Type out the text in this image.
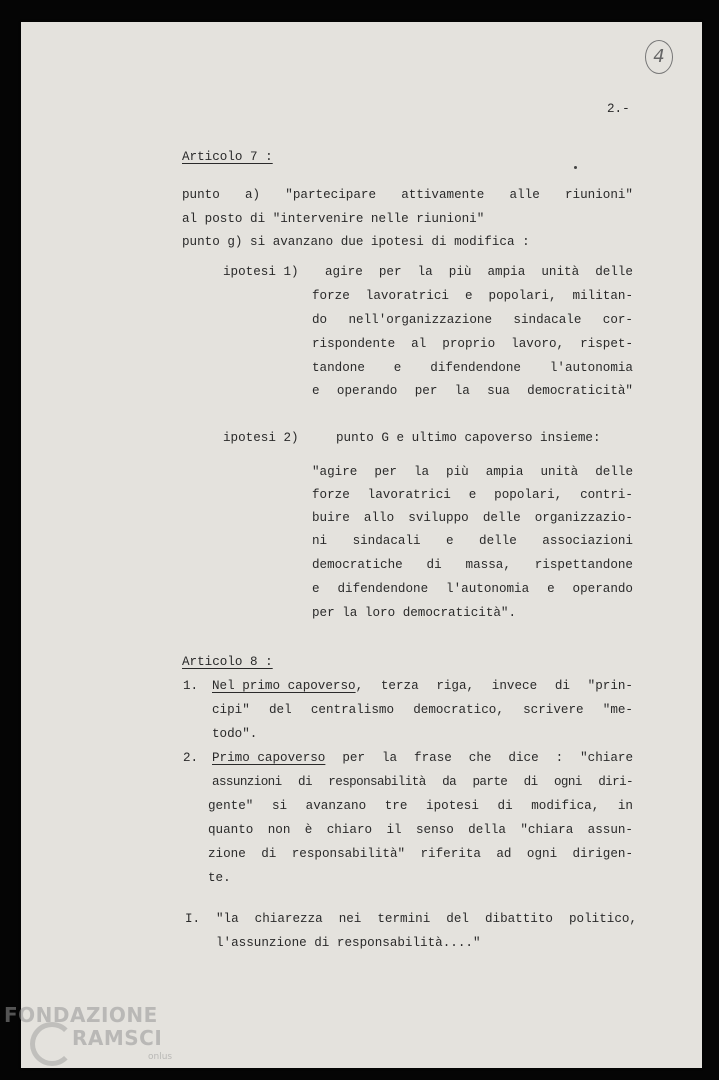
4
2.-
Articolo 7 :
punto a) "partecipare attivamente alle riunioni"
al posto di "intervenire nelle riunioni"
punto g) si avanzano due ipotesi di modifica :
ipotesi 1) agire per la più ampia unità delle
forze lavoratrici e popolari, militan-
do nell'organizzazione sindacale cor-
rispondente al proprio lavoro, rispet-
tandone e difendendone l'autonomia
e operando per la sua democraticità"
ipotesi 2)	punto G e ultimo capoverso insieme:
"agire per la più ampia unità delle
forze lavoratrici e popolari, contri-
buire allo sviluppo delle organizzazio-
ni sindacali e delle associazioni
democratiche di massa, rispettandone
e difendendone l'autonomia e operando
per la loro democraticità".
Articolo 8 :
1. Nel primo capoverso , terza riga, invece di "prin-
cipi" del centralismo democratico, scrivere "me-
todo".
2. Primo capoverso per la frase che dice : "chiare
assunzioni di responsabilità da parte di ogni diri-
gente" si avanzano tre ipotesi di modifica, in
quanto non è chiaro il senso della "chiara assun-
zione di responsabilità" riferita ad ogni dirigen-
te.
I. "la chiarezza nei termini del dibattito politico,
l'assunzione di responsabilità...."
FONDAZIONE
RAMSCI
onlus
